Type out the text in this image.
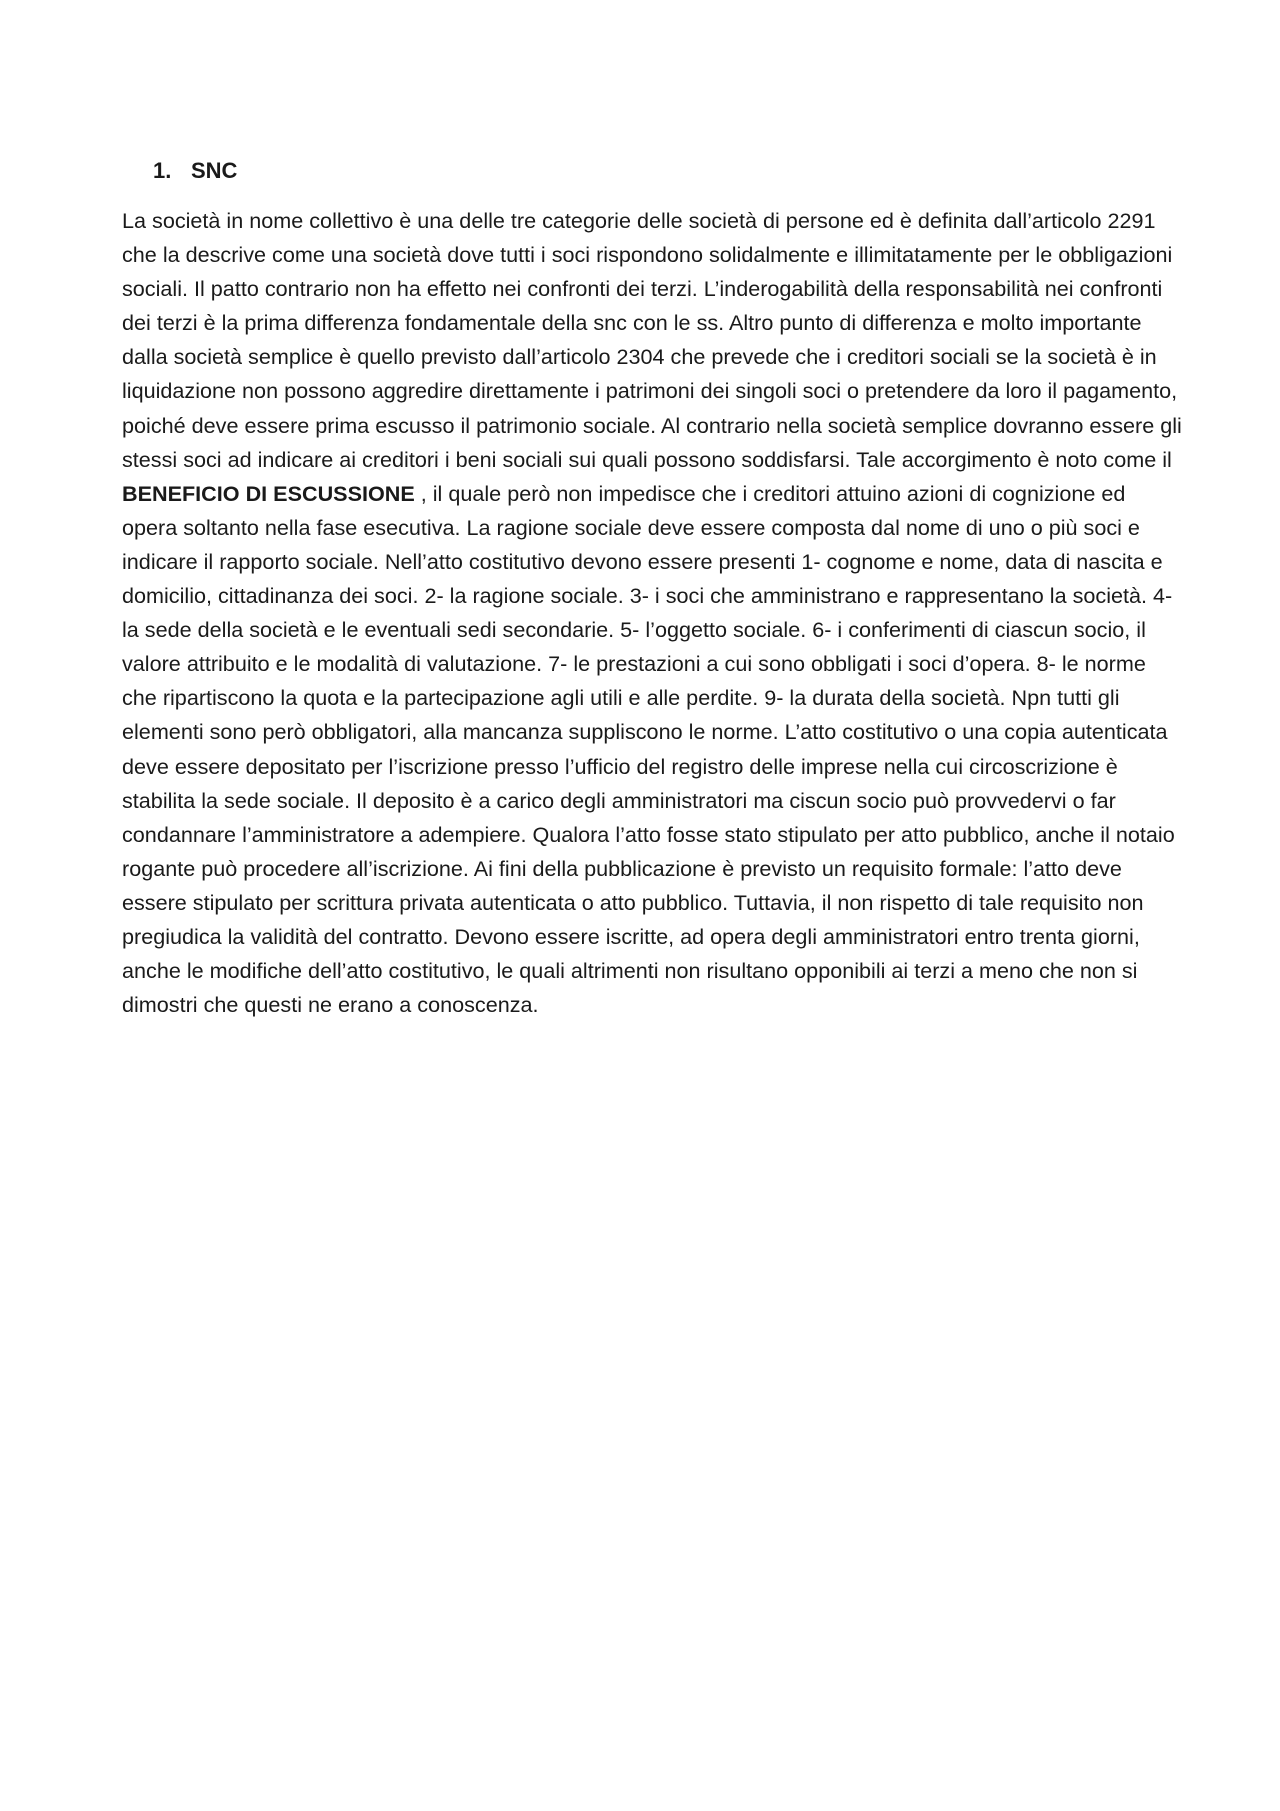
1. SNC
La società in nome collettivo è una delle tre categorie delle società di persone ed è definita dall’articolo 2291 che la descrive come una società dove tutti i soci rispondono solidalmente e illimitatamente per le obbligazioni sociali. Il patto contrario non ha effetto nei confronti dei terzi. L’inderogabilità della responsabilità nei confronti dei terzi è la prima differenza fondamentale della snc con le ss. Altro punto di differenza e molto importante dalla società semplice è quello previsto dall’articolo 2304 che prevede che i creditori sociali se la società è in liquidazione non possono aggredire direttamente i patrimoni dei singoli soci o pretendere da loro il pagamento, poiché deve essere prima escusso il patrimonio sociale. Al contrario nella società semplice dovranno essere gli stessi soci ad indicare ai creditori i beni sociali sui quali possono soddisfarsi. Tale accorgimento è noto come il BENEFICIO DI ESCUSSIONE , il quale però non impedisce che i creditori attuino azioni di cognizione ed opera soltanto nella fase esecutiva. La ragione sociale deve essere composta dal nome di uno o più soci e indicare il rapporto sociale. Nell’atto costitutivo devono essere presenti 1- cognome e nome, data di nascita e domicilio, cittadinanza dei soci. 2- la ragione sociale. 3- i soci che amministrano e rappresentano la società. 4- la sede della società e le eventuali sedi secondarie. 5- l’oggetto sociale. 6- i conferimenti di ciascun socio, il valore attribuito e le modalità di valutazione. 7- le prestazioni a cui sono obbligati i soci d’opera. 8- le norme che ripartiscono la quota e la partecipazione agli utili e alle perdite. 9- la durata della società. Npn tutti gli elementi sono però obbligatori, alla mancanza suppliscono le norme. L’atto costitutivo o una copia autenticata deve essere depositato per l’iscrizione presso l’ufficio del registro delle imprese nella cui circoscrizione è stabilita la sede sociale. Il deposito è a carico degli amministratori ma ciscun socio può provvedervi o far condannare l’amministratore a adempiere. Qualora l’atto fosse stato stipulato per atto pubblico, anche il notaio rogante può procedere all’iscrizione. Ai fini della pubblicazione è previsto un requisito formale: l’atto deve essere stipulato per scrittura privata autenticata o atto pubblico. Tuttavia, il non rispetto di tale requisito non pregiudica la validità del contratto. Devono essere iscritte, ad opera degli amministratori entro trenta giorni, anche le modifiche dell’atto costitutivo, le quali altrimenti non risultano opponibili ai terzi a meno che non si dimostri che questi ne erano a conoscenza.
